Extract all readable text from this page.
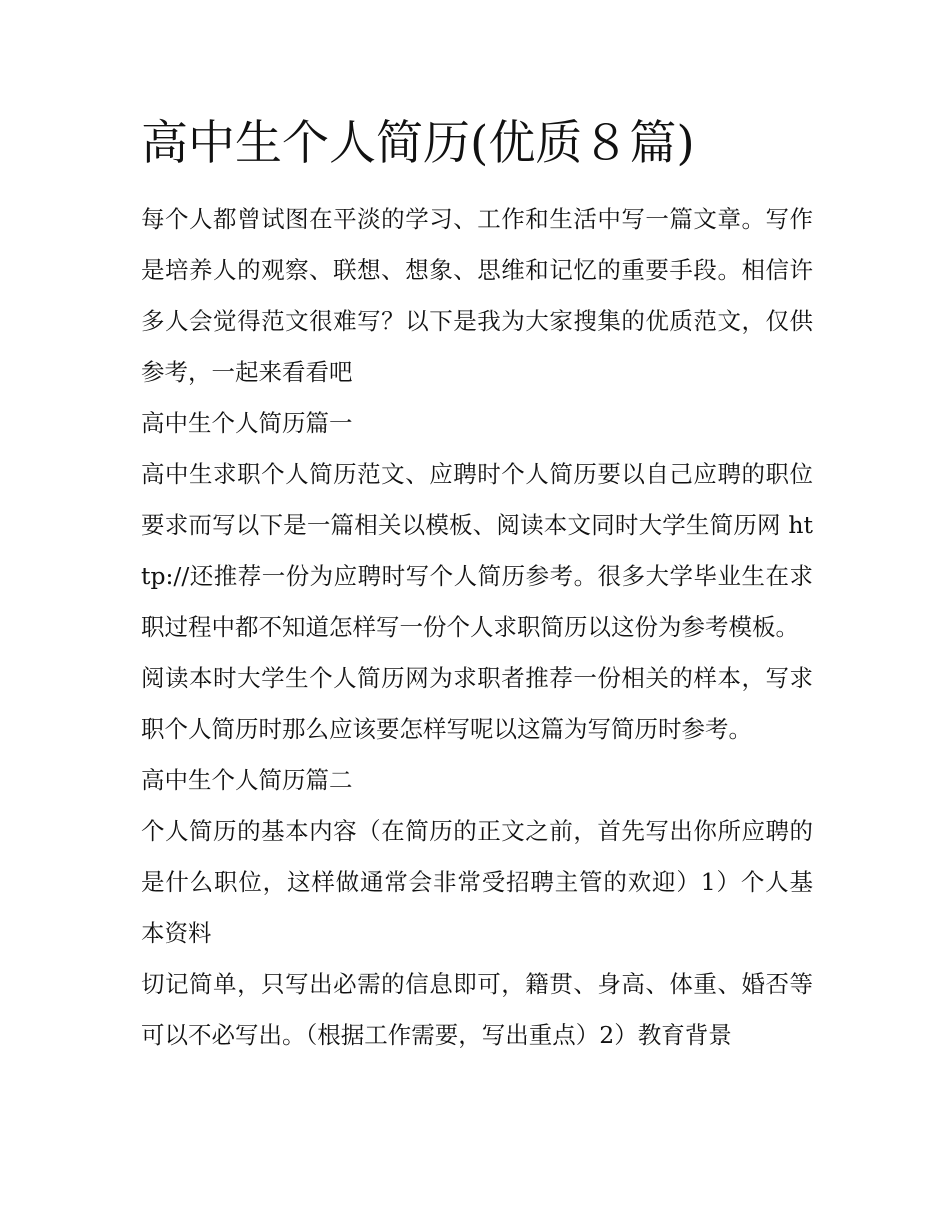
高中生个人简历(优质８篇)

每个人都曾试图在平淡的学习、工作和生活中写一篇文章。写作是培养人的观察、联想、想象、思维和记忆的重要手段。相信许多人会觉得范文很难写？以下是我为大家搜集的优质范文，仅供参考，一起来看看吧

高中生个人简历篇一

高中生求职个人简历范文、应聘时个人简历要以自己应聘的职位要求而写以下是一篇相关以模板、阅读本文同时大学生简历网 http://还推荐一份为应聘时写个人简历参考。很多大学毕业生在求职过程中都不知道怎样写一份个人求职简历以这份为参考模板。

阅读本时大学生个人简历网为求职者推荐一份相关的样本，写求职个人简历时那么应该要怎样写呢以这篇为写简历时参考。

高中生个人简历篇二

个人简历的基本内容（在简历的正文之前，首先写出你所应聘的是什么职位，这样做通常会非常受招聘主管的欢迎）1）个人基本资料

切记简单，只写出必需的信息即可，籍贯、身高、体重、婚否等可以不必写出。（根据工作需要，写出重点）2）教育背景
